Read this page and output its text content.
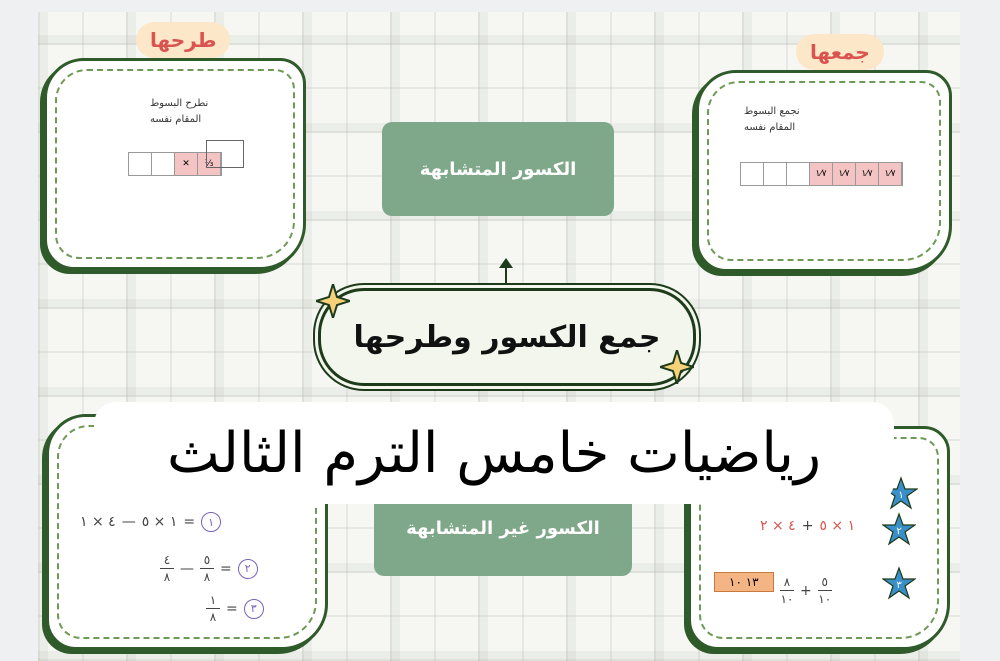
طرحها
نطرح البسوط
المقام نفسه
✕	⅓
جمعها
نجمع البسوط
المقام نفسه
١⁄٧	١⁄٧	١⁄٧	١⁄٧
الكسور المتشابهة
جمع الكسور وطرحها
٤ × ١ — ١ × ٥ =	١
٤
٨
—
٥
٨
=	٢
١
٨
=	٣
٤ × ٢ + ١ × ٥
١٣ ١٠	٨
١٠
+
٥
١٠
١
٢
٣
الكسور غير المتشابهة
رياضيات خامس الترم الثالث
